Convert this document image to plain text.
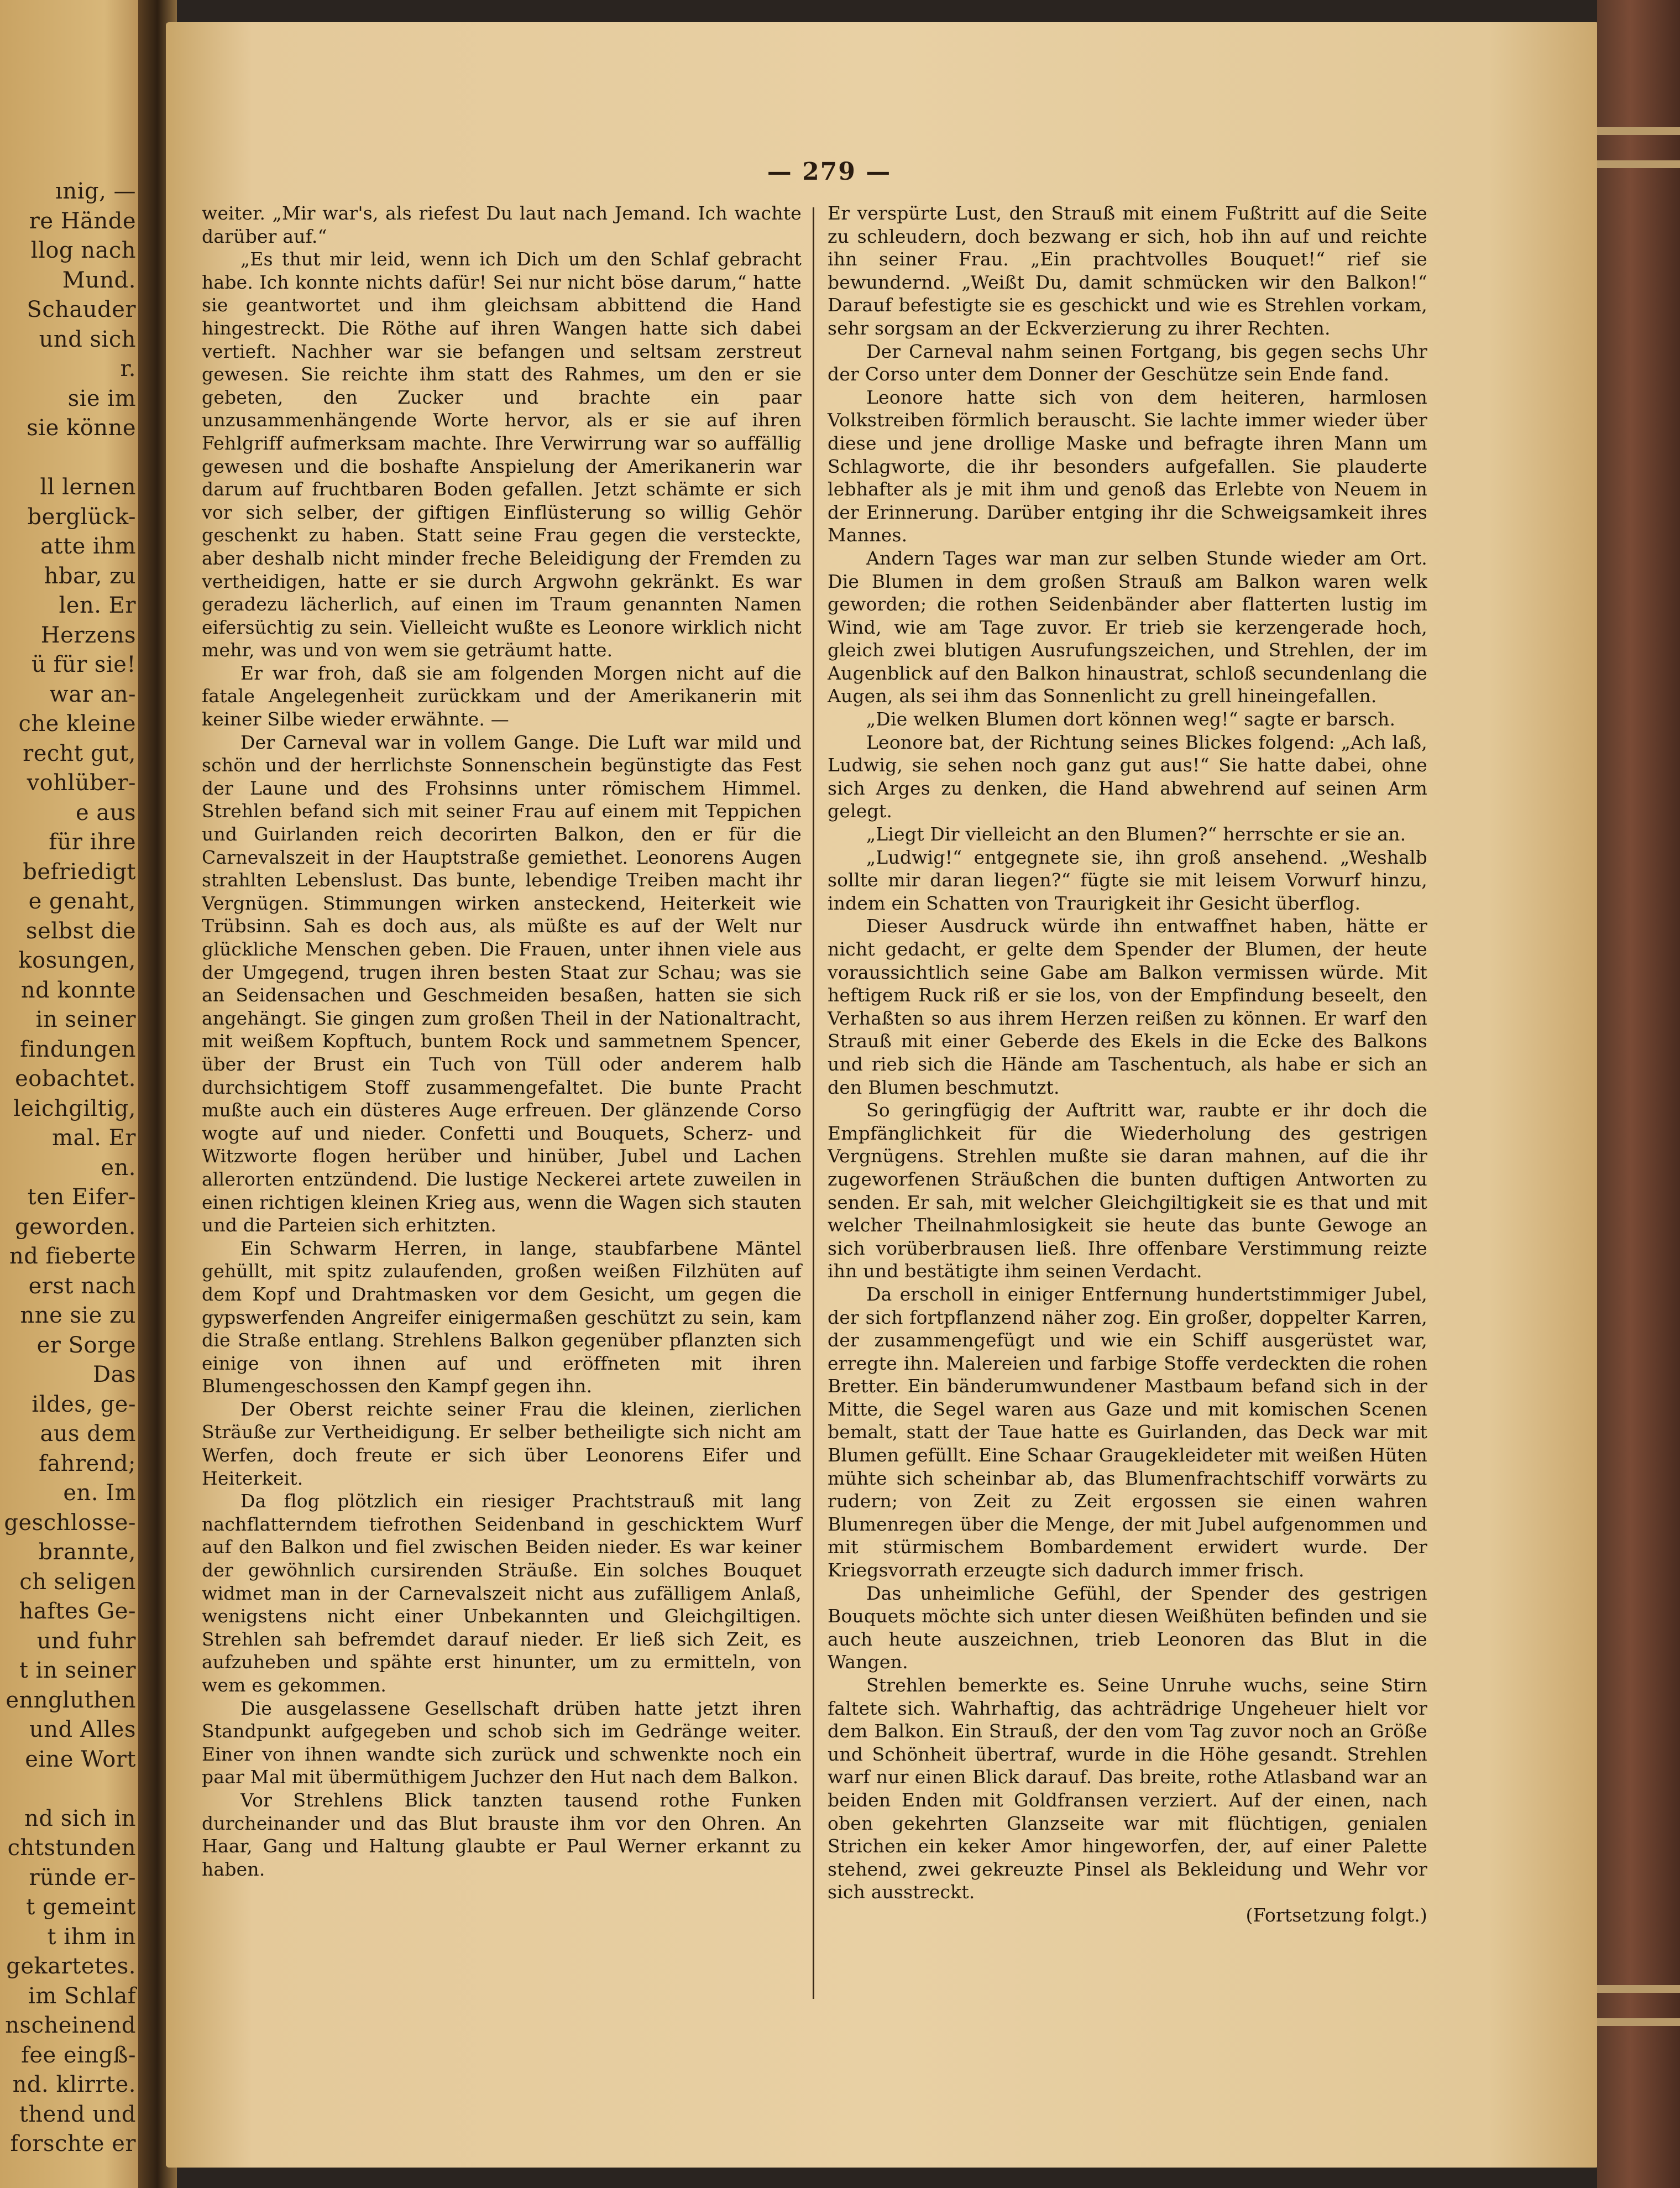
ınig, —
re Hände
llog nach
Mund.
Schauder
und sich
r.
sie im
sie könne

ll lernen
berglück-
atte ihm
hbar, zu
len. Er
Herzens
ü für sie!
war an-
che kleine
recht gut,
vohlüber-
e aus
für ihre
befriedigt
e genaht,
selbst die
kosungen,
nd konnte
in seiner
findungen
eobachtet.
leichgiltig,
mal. Er
en.
ten Eifer-
geworden.
nd fieberte
erst nach
nne sie zu
er Sorge
Das
ildes, ge-
aus dem
fahrend;
en. Im
geschlosse-
brannte,
ch seligen
haftes Ge-
und fuhr
t in seiner
enngluthen
und Alles
eine Wort

nd sich in
chtstunden
ründe er-
t gemeint
t ihm in
gekartetes.
im Schlaf
nscheinend
fee eingß-
nd. klirrte.
thend und
forschte er
— 279 —

weiter. „Mir war's, als riefest Du laut nach Jemand. Ich wachte darüber auf.“

„Es thut mir leid, wenn ich Dich um den Schlaf gebracht habe. Ich konnte nichts dafür! Sei nur nicht böse darum,“ hatte sie geantwortet und ihm gleichsam abbittend die Hand hingestreckt. Die Röthe auf ihren Wangen hatte sich dabei vertieft. Nachher war sie befangen und seltsam zerstreut gewesen. Sie reichte ihm statt des Rahmes, um den er sie gebeten, den Zucker und brachte ein paar unzusammenhängende Worte hervor, als er sie auf ihren Fehlgriff aufmerksam machte. Ihre Verwirrung war so auffällig gewesen und die boshafte Anspielung der Amerikanerin war darum auf fruchtbaren Boden gefallen. Jetzt schämte er sich vor sich selber, der giftigen Einflüsterung so willig Gehör geschenkt zu haben. Statt seine Frau gegen die versteckte, aber deshalb nicht minder freche Beleidigung der Fremden zu vertheidigen, hatte er sie durch Argwohn gekränkt. Es war geradezu lächerlich, auf einen im Traum genannten Namen eifersüchtig zu sein. Vielleicht wußte es Leonore wirklich nicht mehr, was und von wem sie geträumt hatte.

Er war froh, daß sie am folgenden Morgen nicht auf die fatale Angelegenheit zurückkam und der Amerikanerin mit keiner Silbe wieder erwähnte. —

Der Carneval war in vollem Gange. Die Luft war mild und schön und der herrlichste Sonnenschein begünstigte das Fest der Laune und des Frohsinns unter römischem Himmel. Strehlen befand sich mit seiner Frau auf einem mit Teppichen und Guirlanden reich decorirten Balkon, den er für die Carnevalszeit in der Hauptstraße gemiethet. Leonorens Augen strahlten Lebenslust. Das bunte, lebendige Treiben macht ihr Vergnügen. Stimmungen wirken ansteckend, Heiterkeit wie Trübsinn. Sah es doch aus, als müßte es auf der Welt nur glückliche Menschen geben. Die Frauen, unter ihnen viele aus der Umgegend, trugen ihren besten Staat zur Schau; was sie an Seidensachen und Geschmeiden besaßen, hatten sie sich angehängt. Sie gingen zum großen Theil in der Nationaltracht, mit weißem Kopftuch, buntem Rock und sammetnem Spencer, über der Brust ein Tuch von Tüll oder anderem halb durchsichtigem Stoff zusammengefaltet. Die bunte Pracht mußte auch ein düsteres Auge erfreuen. Der glänzende Corso wogte auf und nieder. Confetti und Bouquets, Scherz- und Witzworte flogen herüber und hinüber, Jubel und Lachen allerorten entzündend. Die lustige Neckerei artete zuweilen in einen richtigen kleinen Krieg aus, wenn die Wagen sich stauten und die Parteien sich erhitzten.

Ein Schwarm Herren, in lange, staubfarbene Mäntel gehüllt, mit spitz zulaufenden, großen weißen Filzhüten auf dem Kopf und Drahtmasken vor dem Gesicht, um gegen die gypswerfenden Angreifer einigermaßen geschützt zu sein, kam die Straße entlang. Strehlens Balkon gegenüber pflanzten sich einige von ihnen auf und eröffneten mit ihren Blumengeschossen den Kampf gegen ihn.

Der Oberst reichte seiner Frau die kleinen, zierlichen Sträuße zur Vertheidigung. Er selber betheiligte sich nicht am Werfen, doch freute er sich über Leonorens Eifer und Heiterkeit.

Da flog plötzlich ein riesiger Prachtstrauß mit lang nachflatterndem tiefrothen Seidenband in geschicktem Wurf auf den Balkon und fiel zwischen Beiden nieder. Es war keiner der gewöhnlich cursirenden Sträuße. Ein solches Bouquet widmet man in der Carnevalszeit nicht aus zufälligem Anlaß, wenigstens nicht einer Unbekannten und Gleichgiltigen. Strehlen sah befremdet darauf nieder. Er ließ sich Zeit, es aufzuheben und spähte erst hinunter, um zu ermitteln, von wem es gekommen.

Die ausgelassene Gesellschaft drüben hatte jetzt ihren Standpunkt aufgegeben und schob sich im Gedränge weiter. Einer von ihnen wandte sich zurück und schwenkte noch ein paar Mal mit übermüthigem Juchzer den Hut nach dem Balkon.

Vor Strehlens Blick tanzten tausend rothe Funken durcheinander und das Blut brauste ihm vor den Ohren. An Haar, Gang und Haltung glaubte er Paul Werner erkannt zu haben.

Er verspürte Lust, den Strauß mit einem Fußtritt auf die Seite zu schleudern, doch bezwang er sich, hob ihn auf und reichte ihn seiner Frau. „Ein prachtvolles Bouquet!“ rief sie bewundernd. „Weißt Du, damit schmücken wir den Balkon!“ Darauf befestigte sie es geschickt und wie es Strehlen vorkam, sehr sorgsam an der Eckverzierung zu ihrer Rechten.

Der Carneval nahm seinen Fortgang, bis gegen sechs Uhr der Corso unter dem Donner der Geschütze sein Ende fand.

Leonore hatte sich von dem heiteren, harmlosen Volkstreiben förmlich berauscht. Sie lachte immer wieder über diese und jene drollige Maske und befragte ihren Mann um Schlagworte, die ihr besonders aufgefallen. Sie plauderte lebhafter als je mit ihm und genoß das Erlebte von Neuem in der Erinnerung. Darüber entging ihr die Schweigsamkeit ihres Mannes.

Andern Tages war man zur selben Stunde wieder am Ort. Die Blumen in dem großen Strauß am Balkon waren welk geworden; die rothen Seidenbänder aber flatterten lustig im Wind, wie am Tage zuvor. Er trieb sie kerzengerade hoch, gleich zwei blutigen Ausrufungszeichen, und Strehlen, der im Augenblick auf den Balkon hinaustrat, schloß secundenlang die Augen, als sei ihm das Sonnenlicht zu grell hineingefallen.

„Die welken Blumen dort können weg!“ sagte er barsch.

Leonore bat, der Richtung seines Blickes folgend: „Ach laß, Ludwig, sie sehen noch ganz gut aus!“ Sie hatte dabei, ohne sich Arges zu denken, die Hand abwehrend auf seinen Arm gelegt.

„Liegt Dir vielleicht an den Blumen?“ herrschte er sie an.

„Ludwig!“ entgegnete sie, ihn groß ansehend. „Weshalb sollte mir daran liegen?“ fügte sie mit leisem Vorwurf hinzu, indem ein Schatten von Traurigkeit ihr Gesicht überflog.

Dieser Ausdruck würde ihn entwaffnet haben, hätte er nicht gedacht, er gelte dem Spender der Blumen, der heute voraussichtlich seine Gabe am Balkon vermissen würde. Mit heftigem Ruck riß er sie los, von der Empfindung beseelt, den Verhaßten so aus ihrem Herzen reißen zu können. Er warf den Strauß mit einer Geberde des Ekels in die Ecke des Balkons und rieb sich die Hände am Taschentuch, als habe er sich an den Blumen beschmutzt.

So geringfügig der Auftritt war, raubte er ihr doch die Empfänglichkeit für die Wiederholung des gestrigen Vergnügens. Strehlen mußte sie daran mahnen, auf die ihr zugeworfenen Sträußchen die bunten duftigen Antworten zu senden. Er sah, mit welcher Gleichgiltigkeit sie es that und mit welcher Theilnahmlosigkeit sie heute das bunte Gewoge an sich vorüberbrausen ließ. Ihre offenbare Verstimmung reizte ihn und bestätigte ihm seinen Verdacht.

Da erscholl in einiger Entfernung hundertstimmiger Jubel, der sich fortpflanzend näher zog. Ein großer, doppelter Karren, der zusammengefügt und wie ein Schiff ausgerüstet war, erregte ihn. Malereien und farbige Stoffe verdeckten die rohen Bretter. Ein bänderumwundener Mastbaum befand sich in der Mitte, die Segel waren aus Gaze und mit komischen Scenen bemalt, statt der Taue hatte es Guirlanden, das Deck war mit Blumen gefüllt. Eine Schaar Graugekleideter mit weißen Hüten mühte sich scheinbar ab, das Blumenfrachtschiff vorwärts zu rudern; von Zeit zu Zeit ergossen sie einen wahren Blumenregen über die Menge, der mit Jubel aufgenommen und mit stürmischem Bombardement erwidert wurde. Der Kriegsvorrath erzeugte sich dadurch immer frisch.

Das unheimliche Gefühl, der Spender des gestrigen Bouquets möchte sich unter diesen Weißhüten befinden und sie auch heute auszeichnen, trieb Leonoren das Blut in die Wangen.

Strehlen bemerkte es. Seine Unruhe wuchs, seine Stirn faltete sich. Wahrhaftig, das achträdrige Ungeheuer hielt vor dem Balkon. Ein Strauß, der den vom Tag zuvor noch an Größe und Schönheit übertraf, wurde in die Höhe gesandt. Strehlen warf nur einen Blick darauf. Das breite, rothe Atlasband war an beiden Enden mit Goldfransen verziert. Auf der einen, nach oben gekehrten Glanzseite war mit flüchtigen, genialen Strichen ein keker Amor hingeworfen, der, auf einer Palette stehend, zwei gekreuzte Pinsel als Bekleidung und Wehr vor sich ausstreckt.

(Fortsetzung folgt.)
